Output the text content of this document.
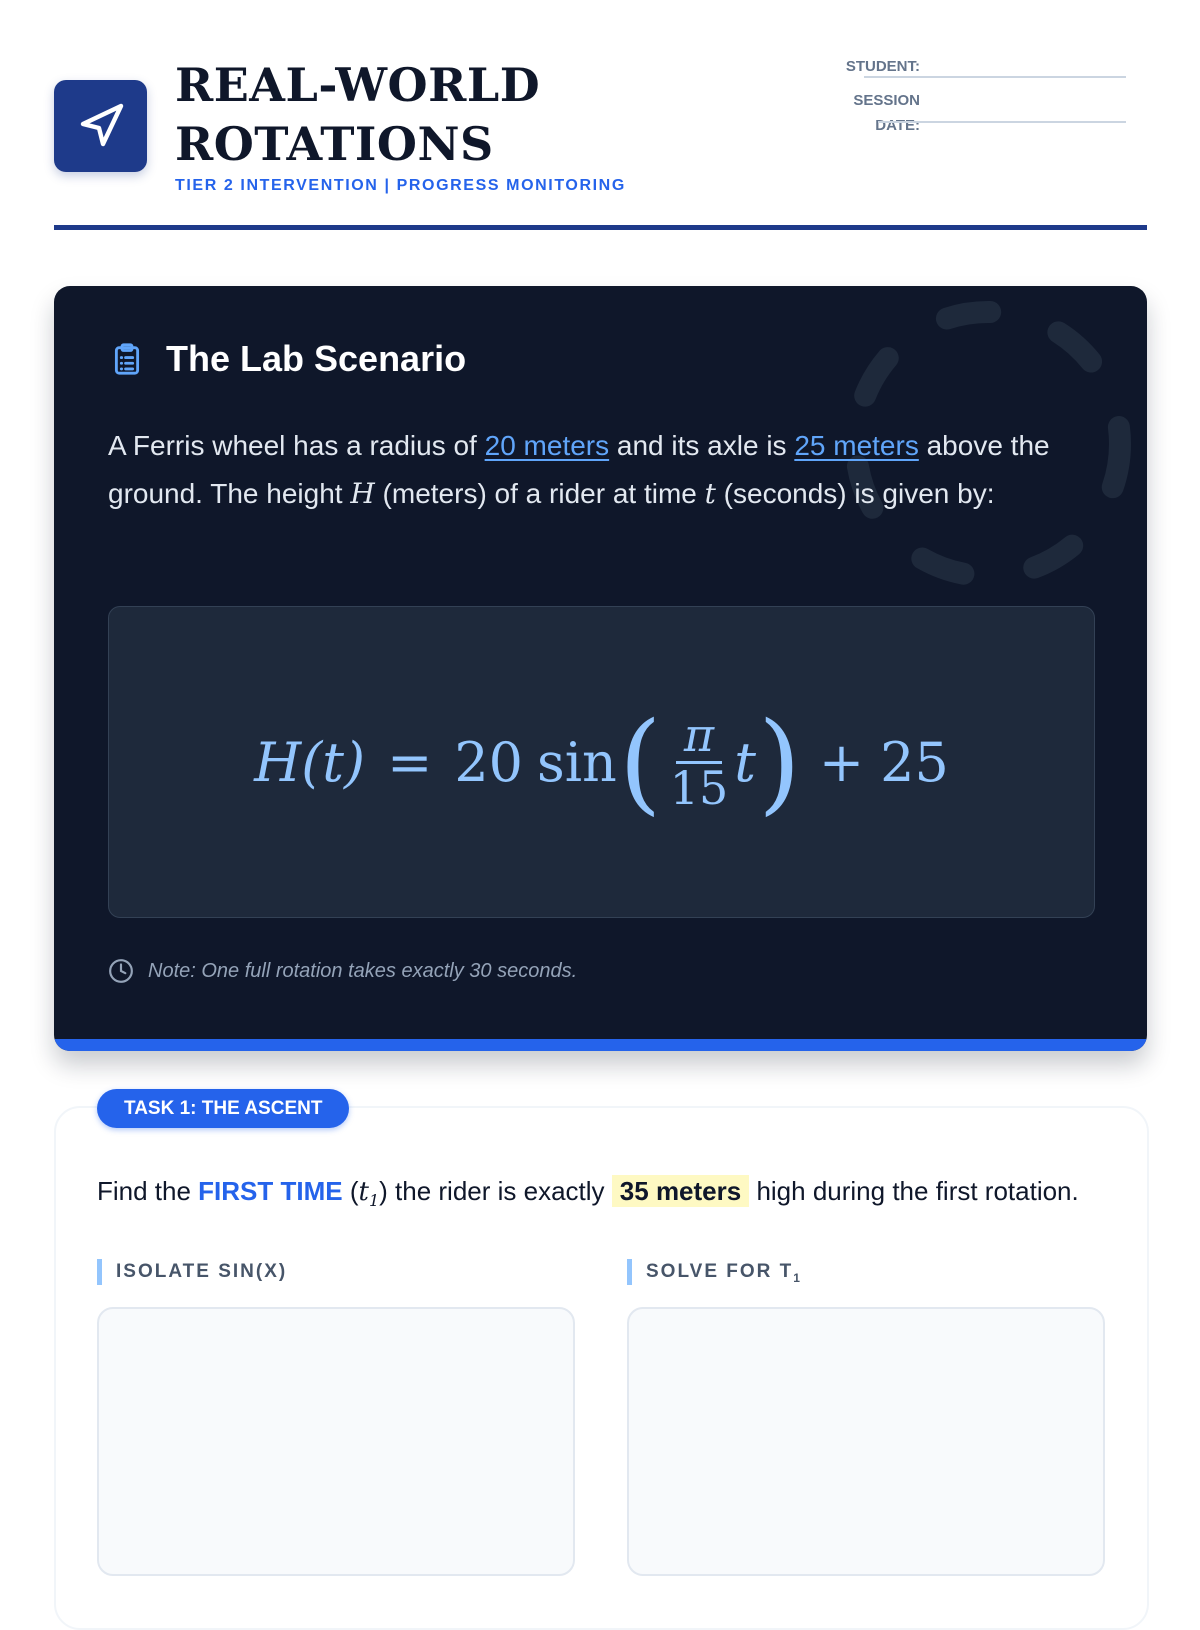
REAL-WORLD
ROTATIONS
TIER 2 INTERVENTION | PROGRESS MONITORING
STUDENT:
SESSION
DATE:
The Lab Scenario

A Ferris wheel has a radius of 20 meters and its axle is 25 meters above the ground. The height H (meters) of a rider at time t (seconds) is given by:

H(t) = 20 sin ( $\frac{\pi}{15}$ t ) + 25
Note: One full rotation takes exactly 30 seconds.
TASK 1: THE ASCENT

Find the FIRST TIME $(t_1)$ the rider is exactly 35 meters high during the first rotation.

ISOLATE SIN(X)	SOLVE FOR $T_1$
